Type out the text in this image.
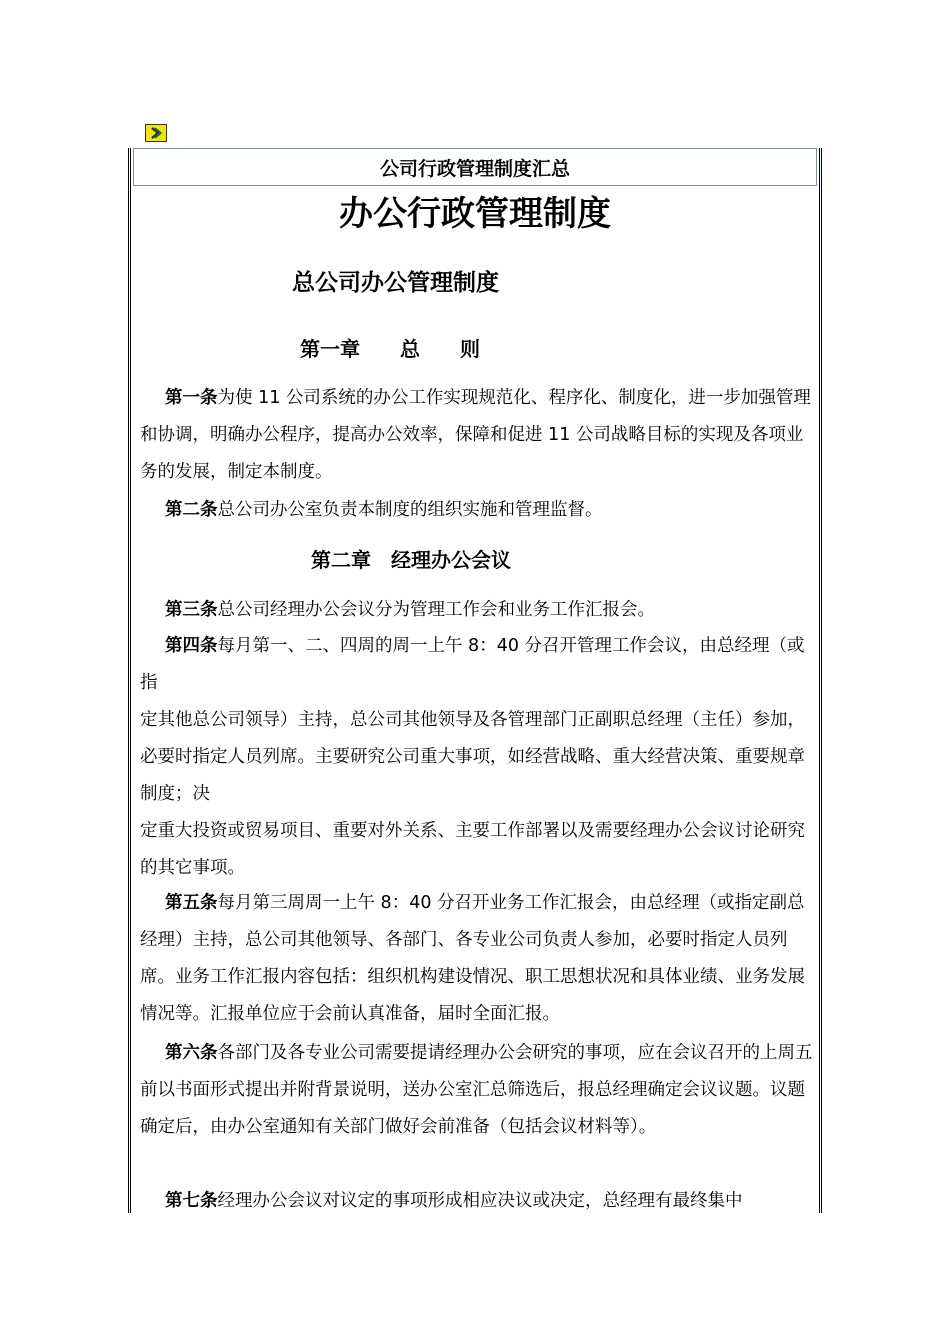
公司行政管理制度汇总
办公行政管理制度
总公司办公管理制度
第一章　　总　　则
第一条为使 11 公司系统的办公工作实现规范化、程序化、制度化，进一步加强管理和协调，明确办公程序，提高办公效率，保障和促进 11 公司战略目标的实现及各项业务的发展，制定本制度。
第二条总公司办公室负责本制度的组织实施和管理监督。
第二章　经理办公会议
第三条总公司经理办公会议分为管理工作会和业务工作汇报会。
第四条每月第一、二、四周的周一上午 8：40 分召开管理工作会议，由总经理（或指
定其他总公司领导）主持，总公司其他领导及各管理部门正副职总经理（主任）参加，必要时指定人员列席。主要研究公司重大事项，如经营战略、重大经营决策、重要规章制度；决
定重大投资或贸易项目、重要对外关系、主要工作部署以及需要经理办公会议讨论研究的其它事项。
第五条每月第三周周一上午 8：40 分召开业务工作汇报会，由总经理（或指定副总经理）主持，总公司其他领导、各部门、各专业公司负责人参加，必要时指定人员列席。业务工作汇报内容包括：组织机构建设情况、职工思想状况和具体业绩、业务发展情况等。汇报单位应于会前认真准备，届时全面汇报。
第六条各部门及各专业公司需要提请经理办公会研究的事项，应在会议召开的上周五前以书面形式提出并附背景说明，送办公室汇总筛选后，报总经理确定会议议题。议题确定后，由办公室通知有关部门做好会前准备（包括会议材料等）。
第七条经理办公会议对议定的事项形成相应决议或决定，总经理有最终集中
